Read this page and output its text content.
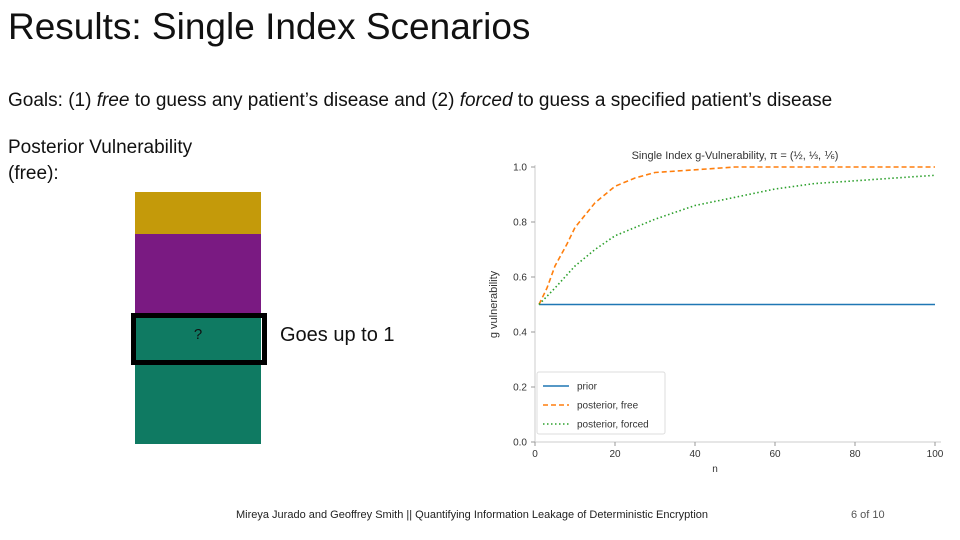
Results: Single Index Scenarios
Goals: (1) free to guess any patient’s disease and (2) forced to guess a specified patient’s disease
Posterior Vulnerability (free):
?	Goes up to 1
Single Index g-Vulnerability, π = (½, ⅓, ⅙)
0.0
0.2
0.4
0.6
0.8
1.0
0	20	40	60	80	100
n
g vulnerability
prior
posterior, free
posterior, forced
Mireya Jurado and Geoffrey Smith || Quantifying Information Leakage of Deterministic Encryption	6 of 10
